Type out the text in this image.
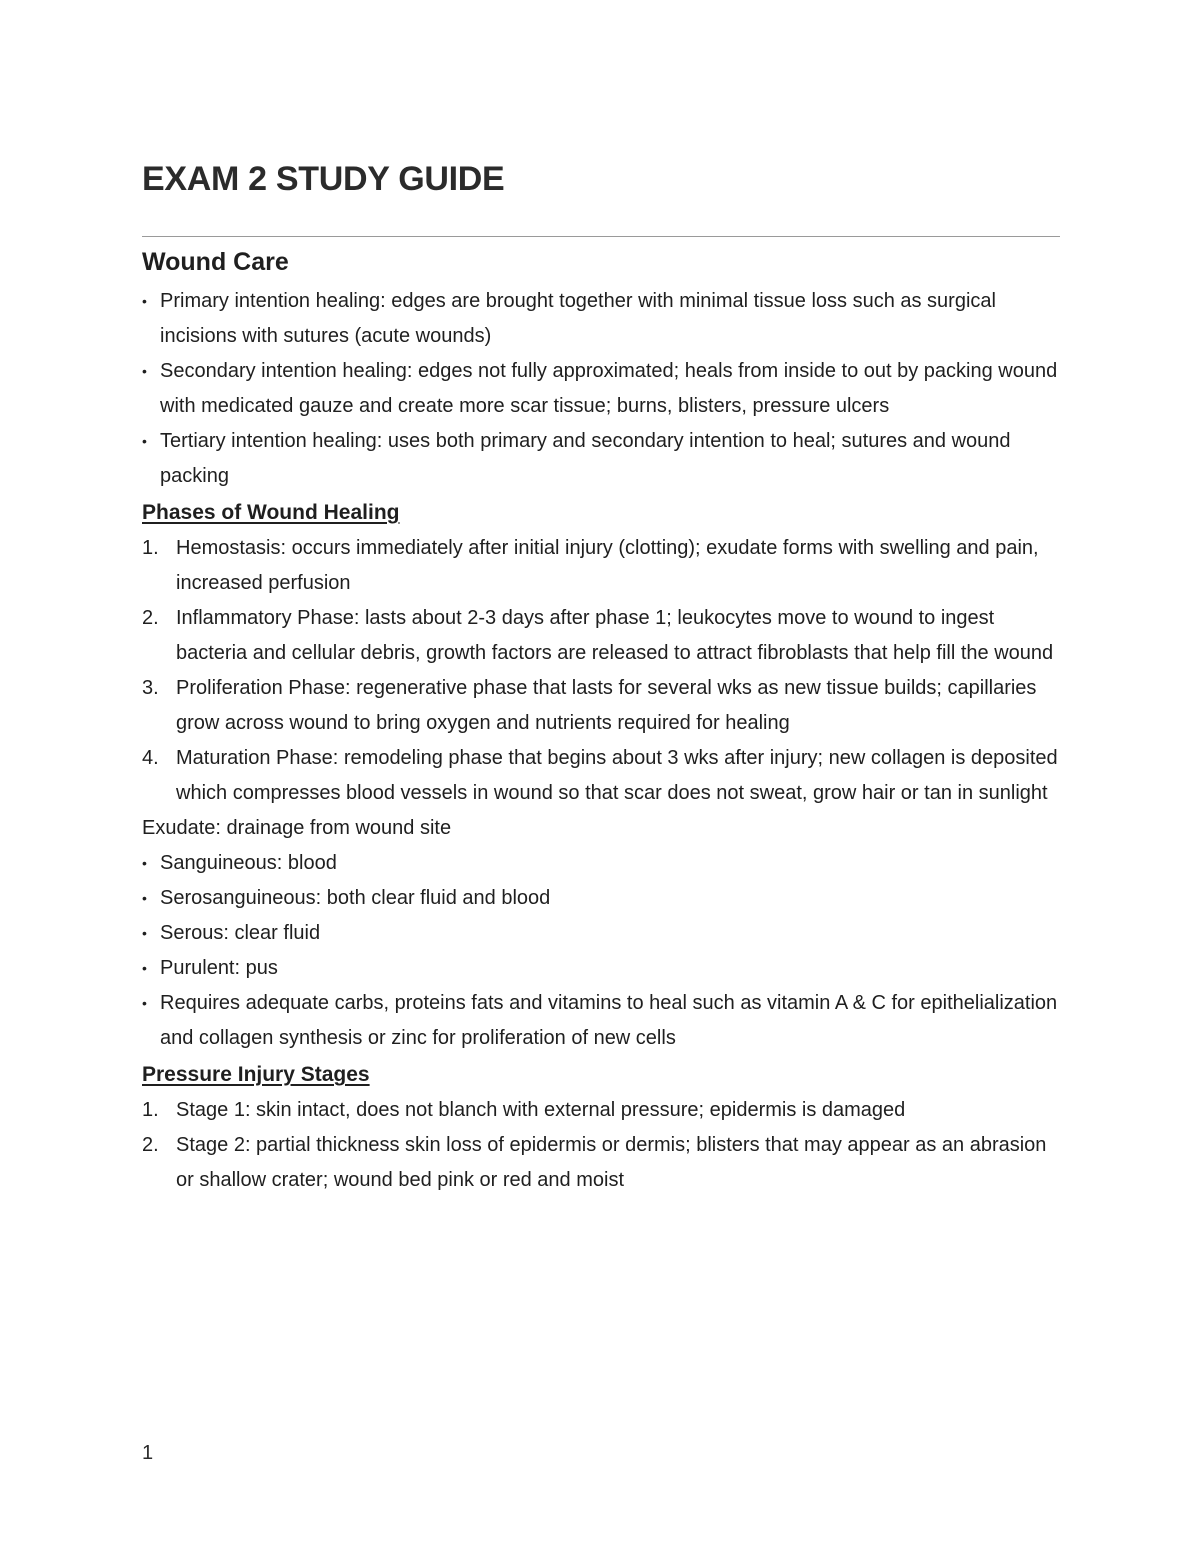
EXAM 2 STUDY GUIDE
Wound Care
• Primary intention healing: edges are brought together with minimal tissue loss such as surgical incisions with sutures (acute wounds)
• Secondary intention healing: edges not fully approximated; heals from inside to out by packing wound with medicated gauze and create more scar tissue; burns, blisters, pressure ulcers
• Tertiary intention healing: uses both primary and secondary intention to heal; sutures and wound packing
Phases of Wound Healing
1. Hemostasis: occurs immediately after initial injury (clotting); exudate forms with swelling and pain, increased perfusion
2. Inflammatory Phase: lasts about 2-3 days after phase 1; leukocytes move to wound to ingest bacteria and cellular debris, growth factors are released to attract fibroblasts that help fill the wound
3. Proliferation Phase: regenerative phase that lasts for several wks as new tissue builds; capillaries grow across wound to bring oxygen and nutrients required for healing
4. Maturation Phase: remodeling phase that begins about 3 wks after injury; new collagen is deposited which compresses blood vessels in wound so that scar does not sweat, grow hair or tan in sunlight

Exudate: drainage from wound site

• Sanguineous: blood
• Serosanguineous: both clear fluid and blood
• Serous: clear fluid
• Purulent: pus
• Requires adequate carbs, proteins fats and vitamins to heal such as vitamin A & C for epithelialization and collagen synthesis or zinc for proliferation of new cells
Pressure Injury Stages
1. Stage 1: skin intact, does not blanch with external pressure; epidermis is damaged
2. Stage 2: partial thickness skin loss of epidermis or dermis; blisters that may appear as an abrasion or shallow crater; wound bed pink or red and moist
1
